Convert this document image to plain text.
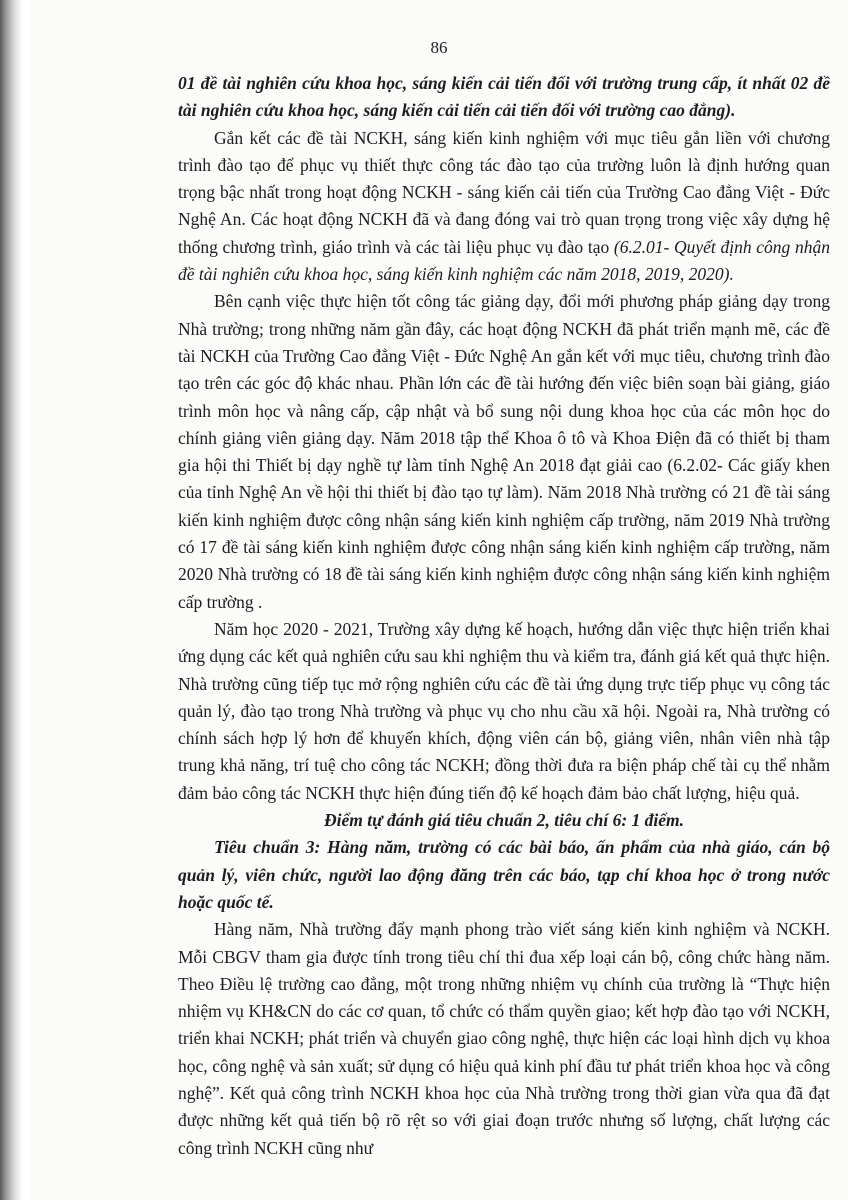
86

01 đề tài nghiên cứu khoa học, sáng kiến cải tiến đối với trường trung cấp, ít nhất 02 đề tài nghiên cứu khoa học, sáng kiến cải tiến cải tiến đối với trường cao đẳng).

Gắn kết các đề tài NCKH, sáng kiến kinh nghiệm với mục tiêu gắn liền với chương trình đào tạo để phục vụ thiết thực công tác đào tạo của trường luôn là định hướng quan trọng bậc nhất trong hoạt động NCKH - sáng kiến cải tiến của Trường Cao đẳng Việt - Đức Nghệ An. Các hoạt động NCKH đã và đang đóng vai trò quan trọng trong việc xây dựng hệ thống chương trình, giáo trình và các tài liệu phục vụ đào tạo (6.2.01- Quyết định công nhận đề tài nghiên cứu khoa học, sáng kiến kinh nghiệm các năm 2018, 2019, 2020).

Bên cạnh việc thực hiện tốt công tác giảng dạy, đổi mới phương pháp giảng dạy trong Nhà trường; trong những năm gần đây, các hoạt động NCKH đã phát triển mạnh mẽ, các đề tài NCKH của Trường Cao đẳng Việt - Đức Nghệ An gắn kết với mục tiêu, chương trình đào tạo trên các góc độ khác nhau. Phần lớn các đề tài hướng đến việc biên soạn bài giảng, giáo trình môn học và nâng cấp, cập nhật và bổ sung nội dung khoa học của các môn học do chính giảng viên giảng dạy. Năm 2018 tập thể Khoa ô tô và Khoa Điện đã có thiết bị tham gia hội thi Thiết bị dạy nghề tự làm tỉnh Nghệ An 2018 đạt giải cao (6.2.02- Các giấy khen của tỉnh Nghệ An về hội thi thiết bị đào tạo tự làm). Năm 2018 Nhà trường có 21 đề tài sáng kiến kinh nghiệm được công nhận sáng kiến kinh nghiệm cấp trường, năm 2019 Nhà trường có 17 đề tài sáng kiến kinh nghiệm được công nhận sáng kiến kinh nghiệm cấp trường, năm 2020 Nhà trường có 18 đề tài sáng kiến kinh nghiệm được công nhận sáng kiến kinh nghiệm cấp trường .

Năm học 2020 - 2021, Trường xây dựng kế hoạch, hướng dẫn việc thực hiện triển khai ứng dụng các kết quả nghiên cứu sau khi nghiệm thu và kiểm tra, đánh giá kết quả thực hiện. Nhà trường cũng tiếp tục mở rộng nghiên cứu các đề tài ứng dụng trực tiếp phục vụ công tác quản lý, đào tạo trong Nhà trường và phục vụ cho nhu cầu xã hội. Ngoài ra, Nhà trường có chính sách hợp lý hơn để khuyến khích, động viên cán bộ, giảng viên, nhân viên nhà tập trung khả năng, trí tuệ cho công tác NCKH; đồng thời đưa ra biện pháp chế tài cụ thể nhằm đảm bảo công tác NCKH thực hiện đúng tiến độ kế hoạch đảm bảo chất lượng, hiệu quả.

Điểm tự đánh giá tiêu chuẩn 2, tiêu chí 6: 1 điểm.

Tiêu chuẩn 3: Hàng năm, trường có các bài báo, ấn phẩm của nhà giáo, cán bộ quản lý, viên chức, người lao động đăng trên các báo, tạp chí khoa học ở trong nước hoặc quốc tế.

Hàng năm, Nhà trường đẩy mạnh phong trào viết sáng kiến kinh nghiệm và NCKH. Mỗi CBGV tham gia được tính trong tiêu chí thi đua xếp loại cán bộ, công chức hàng năm. Theo Điều lệ trường cao đẳng, một trong những nhiệm vụ chính của trường là “Thực hiện nhiệm vụ KH&CN do các cơ quan, tổ chức có thẩm quyền giao; kết hợp đào tạo với NCKH, triển khai NCKH; phát triển và chuyển giao công nghệ, thực hiện các loại hình dịch vụ khoa học, công nghệ và sản xuất; sử dụng có hiệu quả kinh phí đầu tư phát triển khoa học và công nghệ”. Kết quả công trình NCKH khoa học của Nhà trường trong thời gian vừa qua đã đạt được những kết quả tiến bộ rõ rệt so với giai đoạn trước nhưng số lượng, chất lượng các công trình NCKH cũng như
